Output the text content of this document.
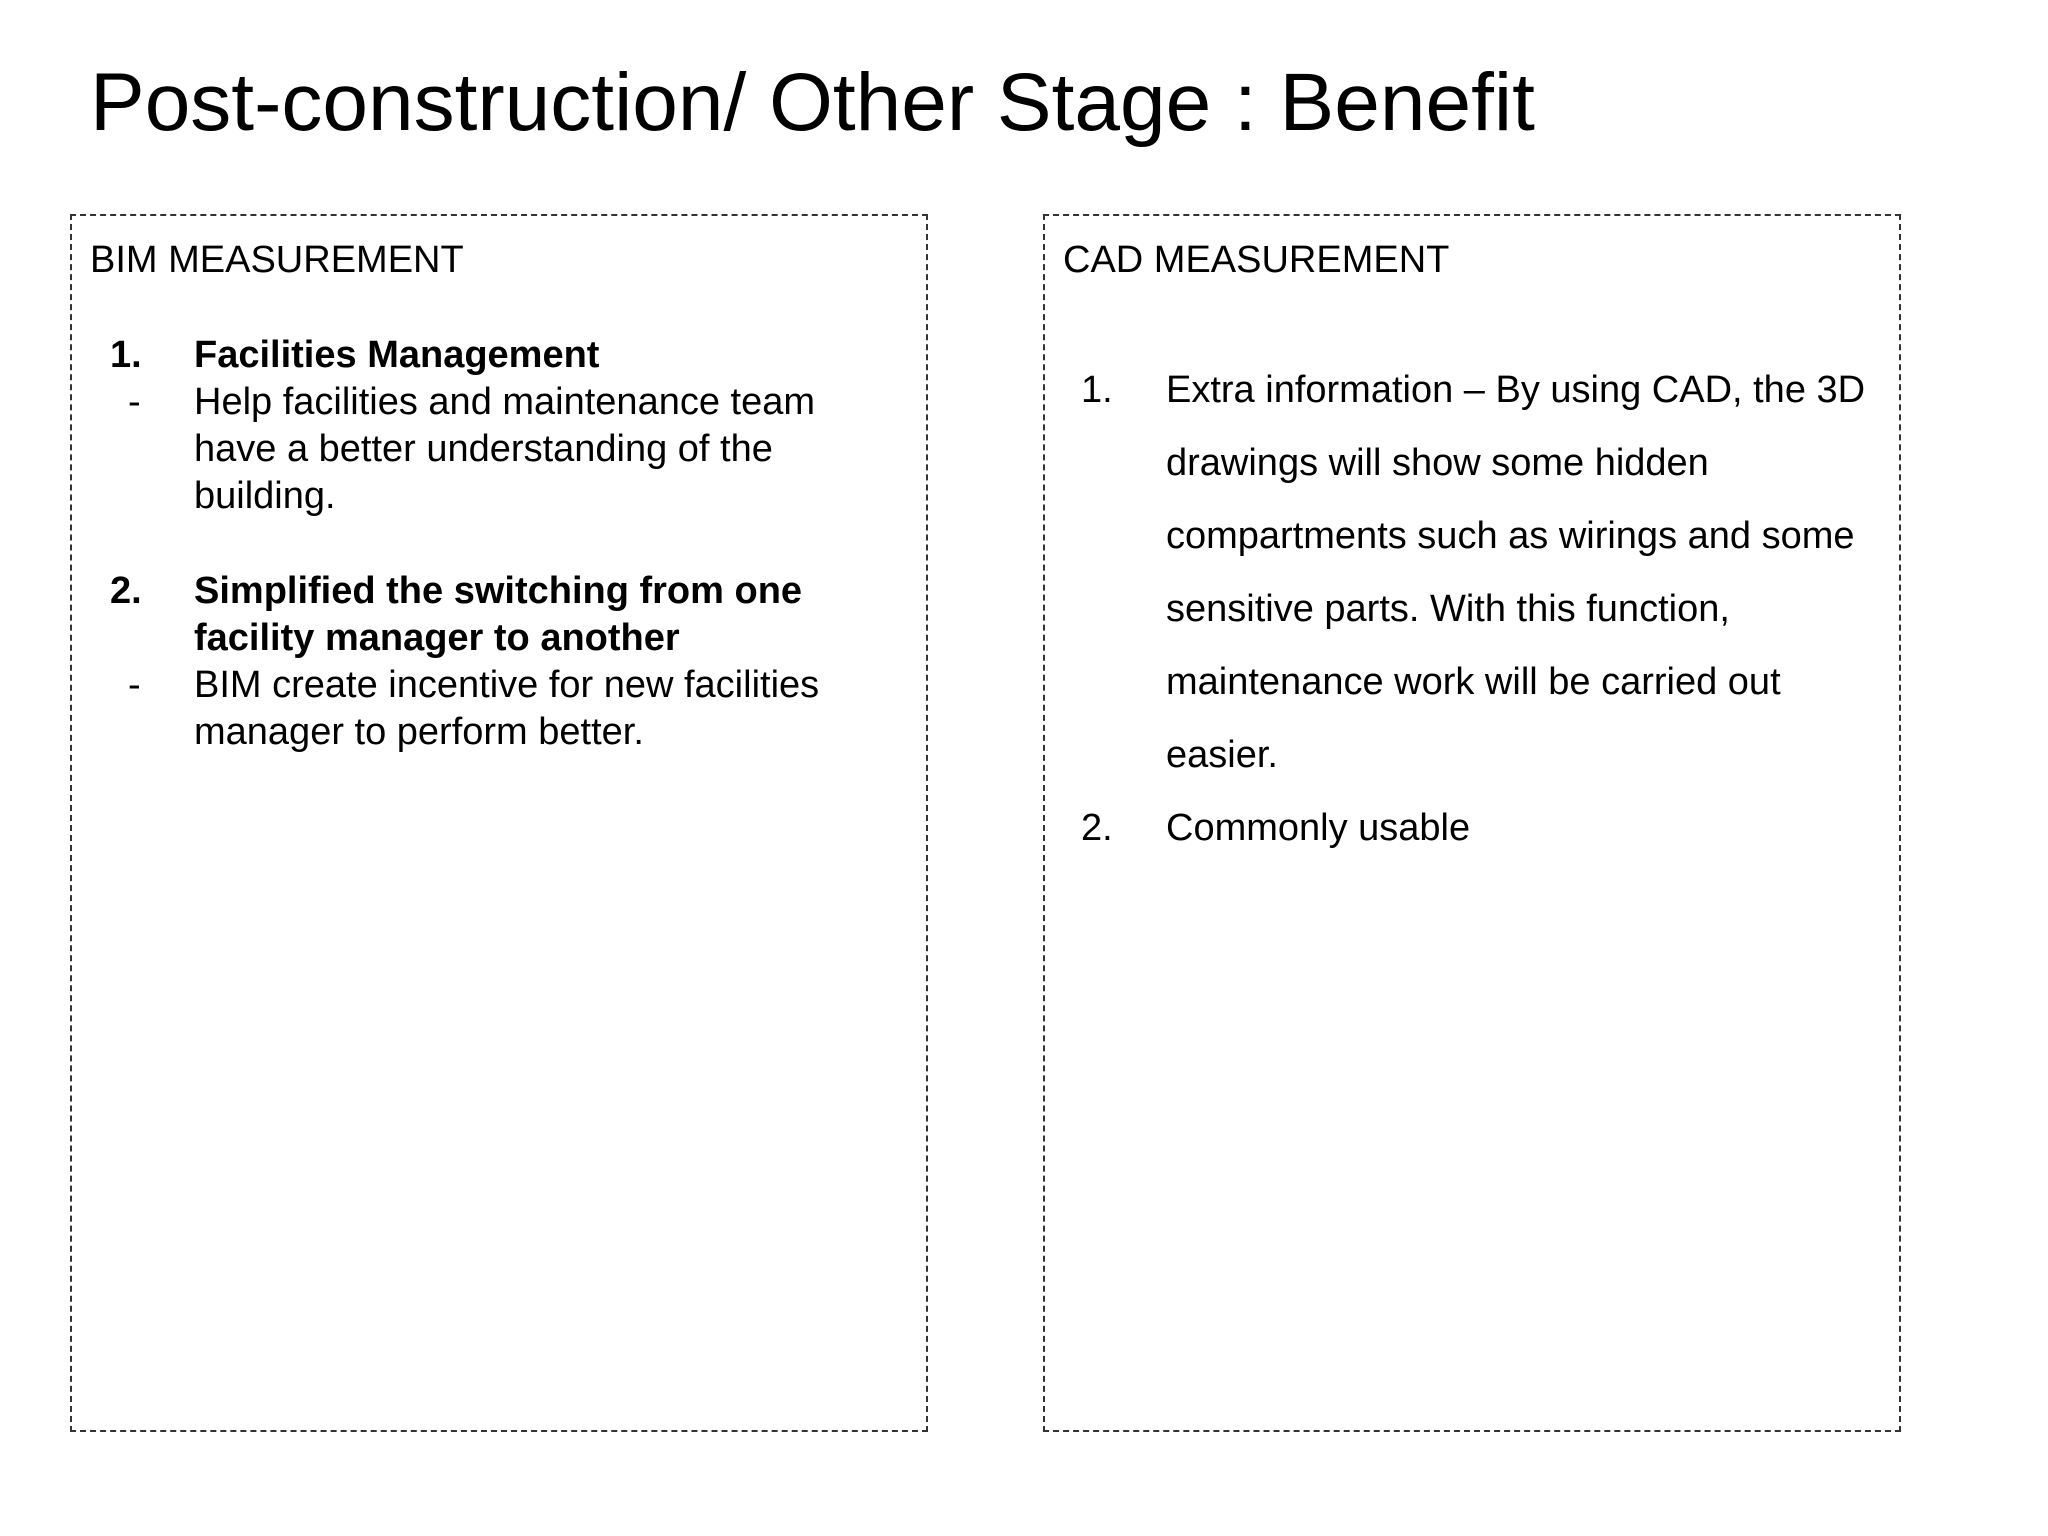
Post-construction/ Other Stage : Benefit
BIM MEASUREMENT
1. Facilities Management
- Help facilities and maintenance team have a better understanding of the building.
2. Simplified the switching from one facility manager to another
- BIM create incentive for new facilities manager to perform better.
CAD MEASUREMENT
1. Extra information – By using CAD, the 3D drawings will show some hidden compartments such as wirings and some sensitive parts. With this function, maintenance work will be carried out easier.
2. Commonly usable
